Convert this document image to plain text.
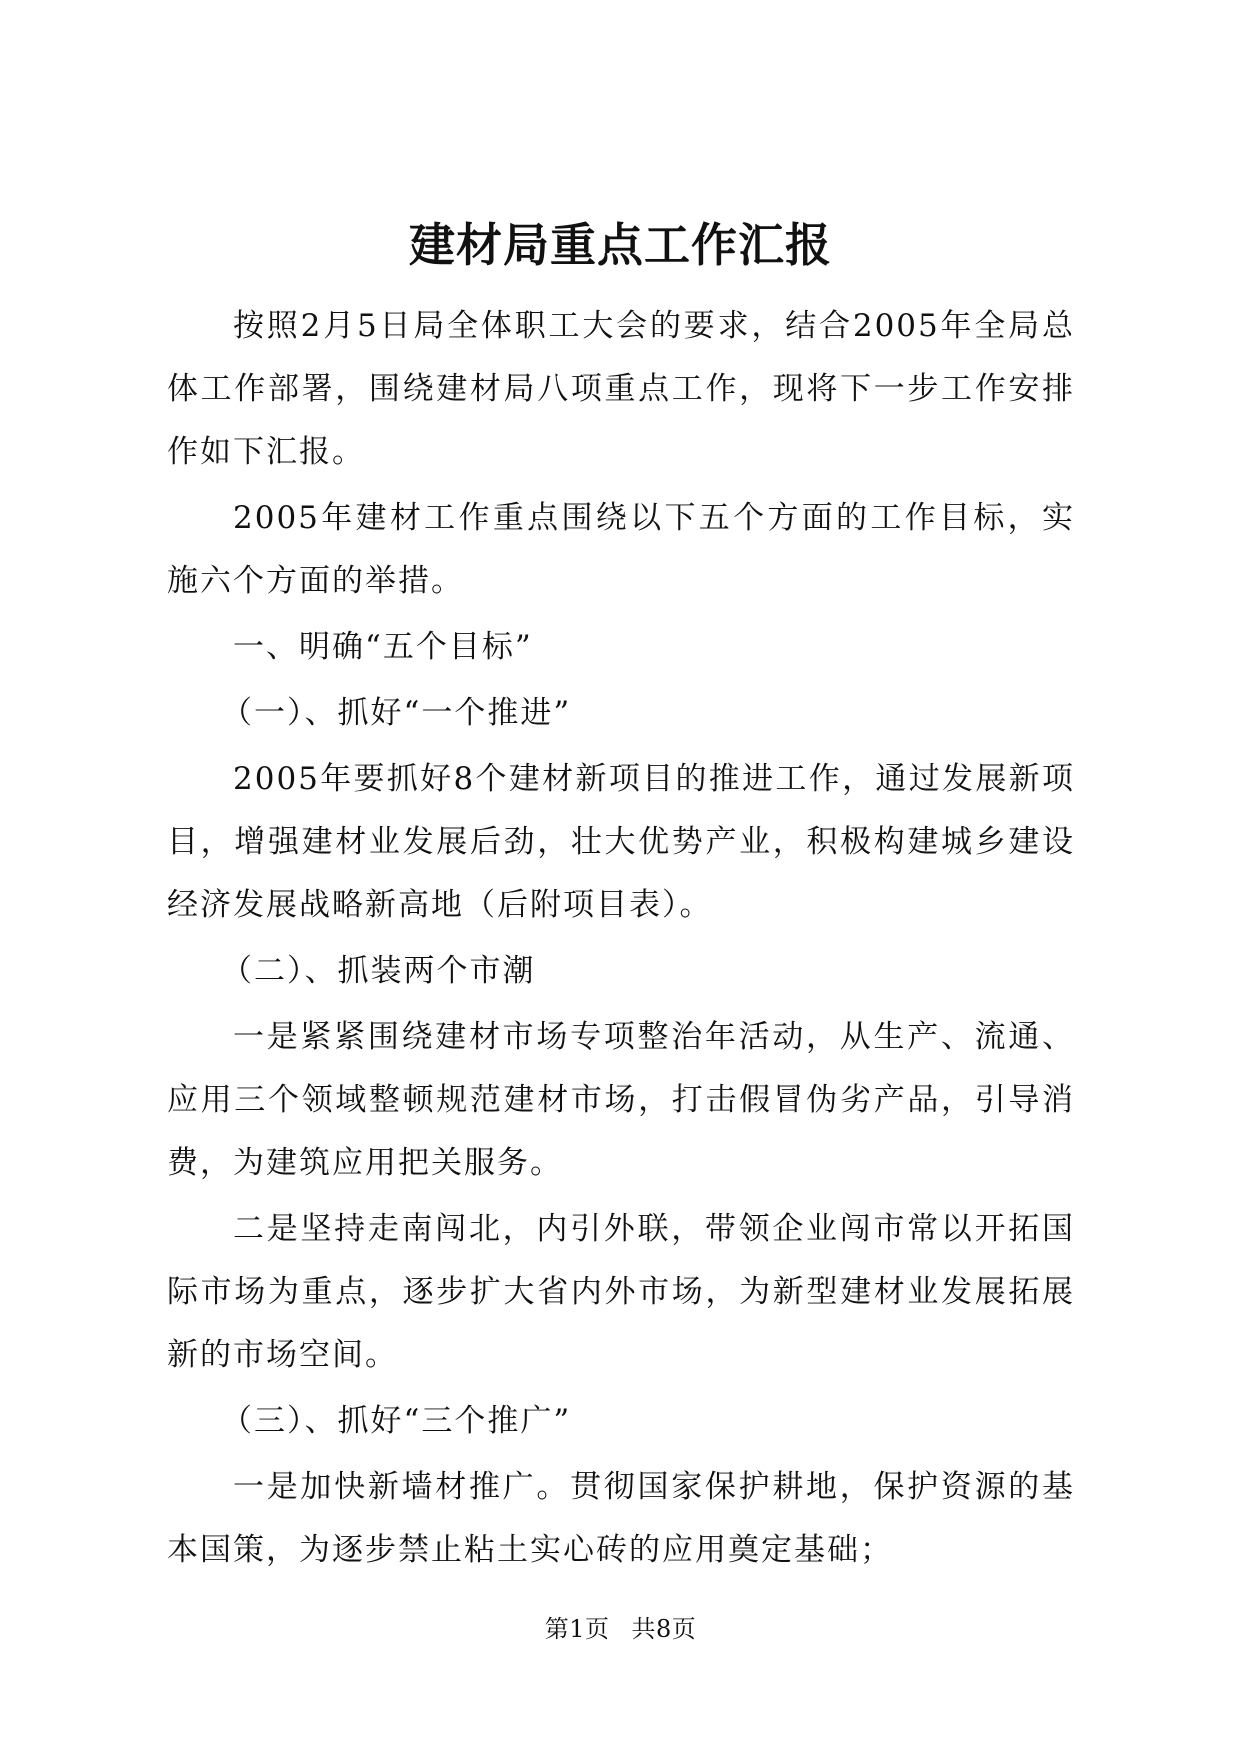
建材局重点工作汇报

按照2月5日局全体职工大会的要求，结合2005年全局总体工作部署，围绕建材局八项重点工作，现将下一步工作安排作如下汇报。

2005年建材工作重点围绕以下五个方面的工作目标，实施六个方面的举措。

一、明确“五个目标”

（一）、抓好“一个推进”

2005年要抓好8个建材新项目的推进工作，通过发展新项目，增强建材业发展后劲，壮大优势产业，积极构建城乡建设经济发展战略新高地（后附项目表）。

（二）、抓装两个市潮

一是紧紧围绕建材市场专项整治年活动，从生产、流通、应用三个领域整顿规范建材市场，打击假冒伪劣产品，引导消费，为建筑应用把关服务。

二是坚持走南闯北，内引外联，带领企业闯市常以开拓国际市场为重点，逐步扩大省内外市场，为新型建材业发展拓展新的市场空间。

（三）、抓好“三个推广”

一是加快新墙材推广。贯彻国家保护耕地，保护资源的基本国策，为逐步禁止粘土实心砖的应用奠定基础；

第1页 共8页
